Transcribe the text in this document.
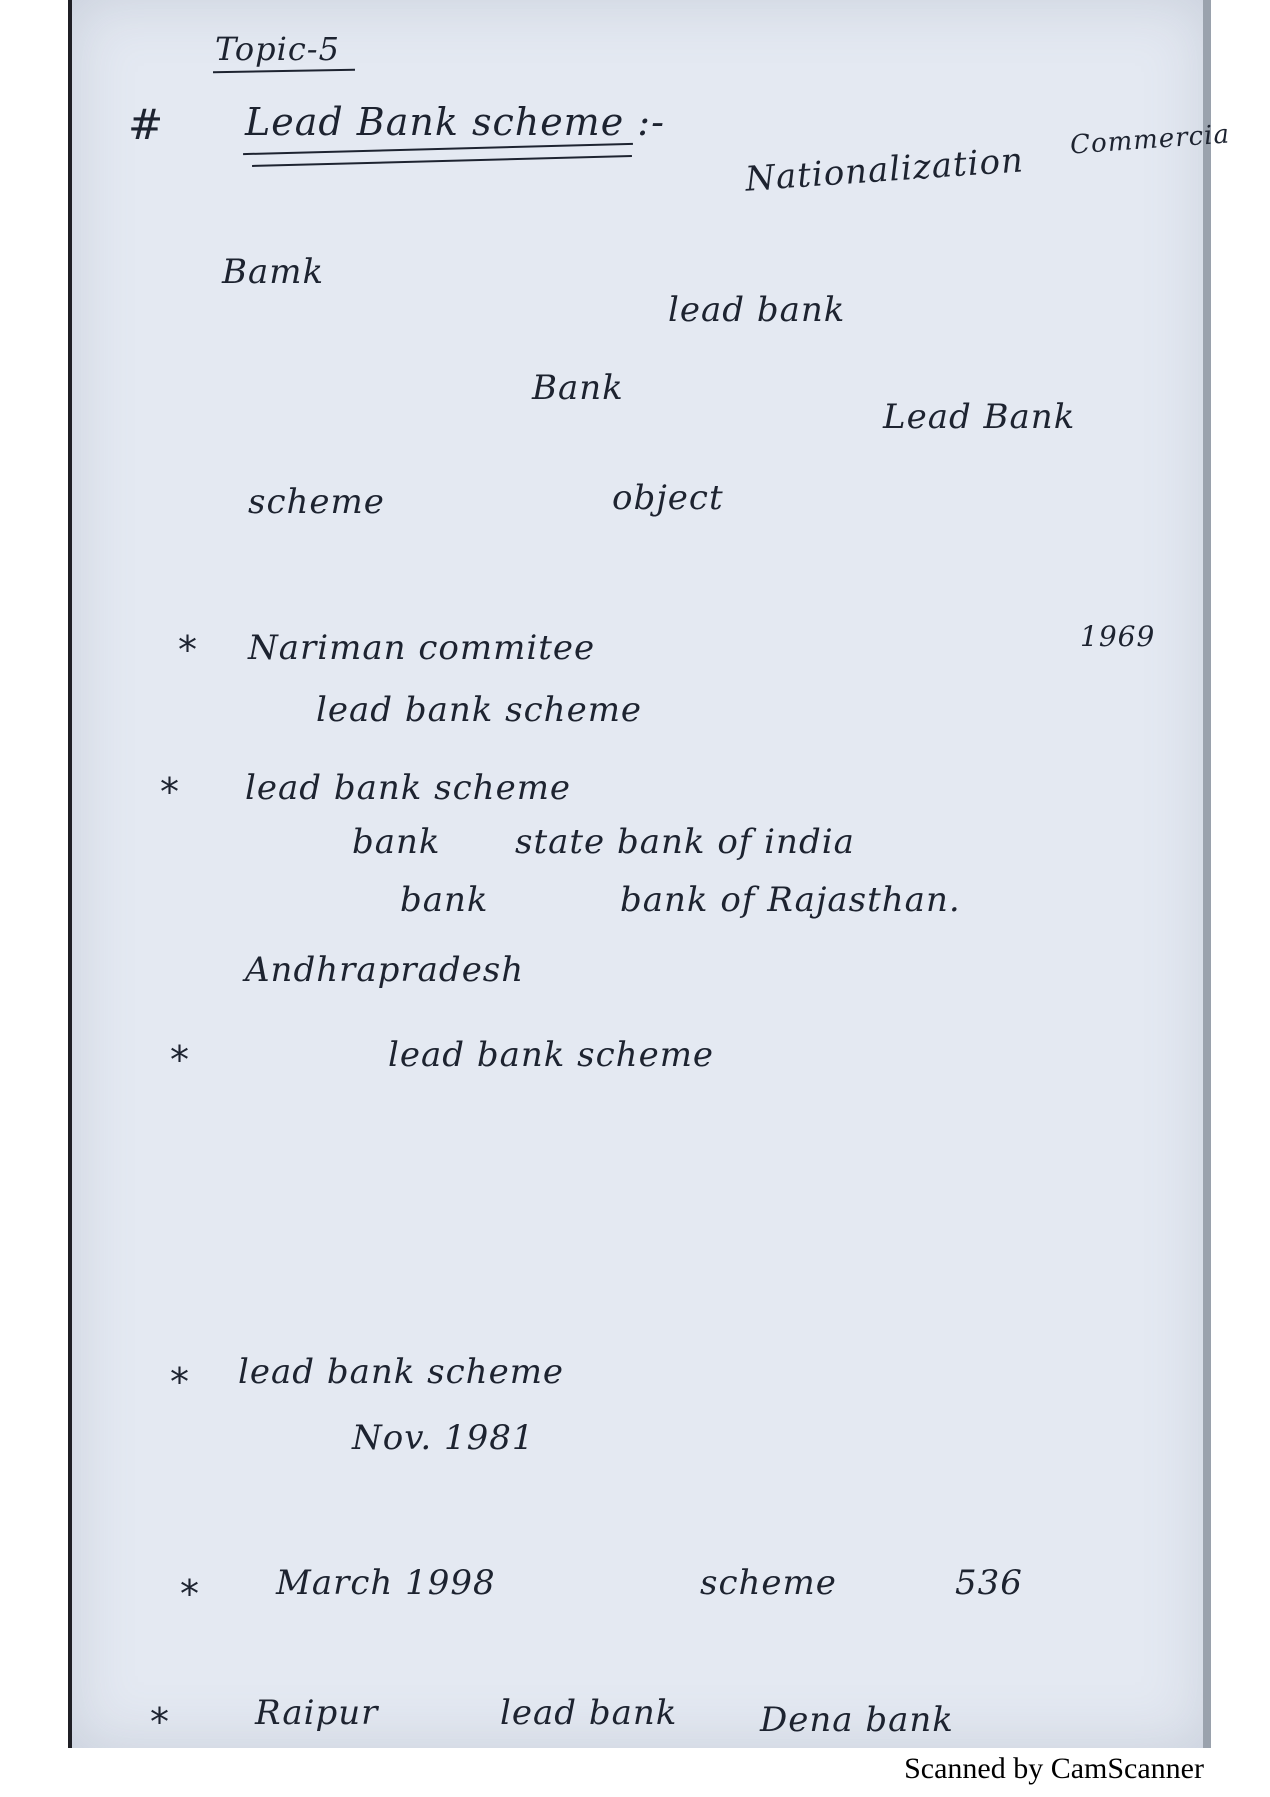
Topic-5
# Lead Bank scheme :-
Nationalization
Commercia
Bamk
lead bank
Bank
Lead Bank
scheme	object
* Nariman commitee	1969
lead bank scheme
* lead bank scheme
bank state bank of india
bank	bank of Rajasthan.
Andhrapradesh
*	lead bank scheme
* lead bank scheme
Nov. 1981
* March 1998	scheme	536
*	Raipur	lead bank Dena bank
Scanned by CamScanner
